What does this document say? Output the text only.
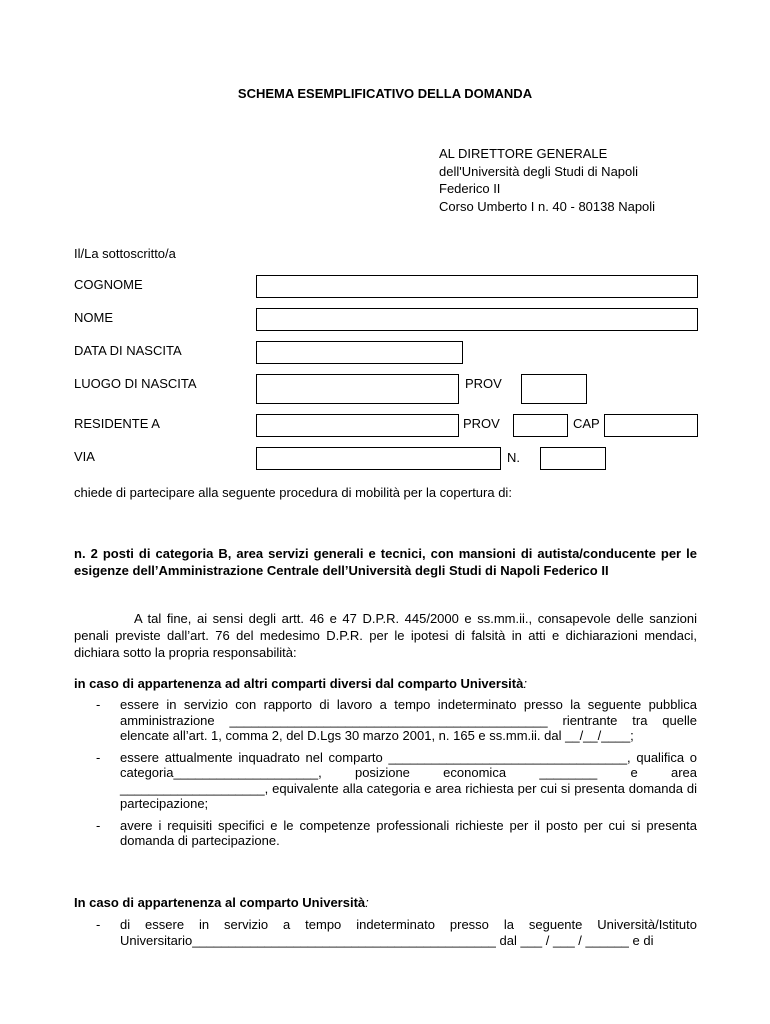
SCHEMA ESEMPLIFICATIVO DELLA DOMANDA
AL DIRETTORE GENERALE
dell'Università degli Studi di Napoli
Federico II
Corso Umberto I n. 40 - 80138 Napoli
Il/La sottoscritto/a
COGNOME
NOME
DATA DI NASCITA
LUOGO DI NASCITA	PROV
RESIDENTE A	PROV	CAP
VIA	N.
chiede di partecipare alla seguente procedura di mobilità per la copertura di:
n. 2 posti di categoria B, area servizi generali e tecnici, con mansioni di autista/conducente per le esigenze dell’Amministrazione Centrale dell’Università degli Studi di Napoli Federico II
A tal fine, ai sensi degli artt. 46 e 47 D.P.R. 445/2000 e ss.mm.ii., consapevole delle sanzioni penali previste dall’art. 76 del medesimo D.P.R. per le ipotesi di falsità in atti e dichiarazioni mendaci, dichiara sotto la propria responsabilità:
in caso di appartenenza ad altri comparti diversi dal comparto Università:
- essere in servizio con rapporto di lavoro a tempo indeterminato presso la seguente pubblica amministrazione ____________________________________________ rientrante tra quelle elencate all’art. 1, comma 2, del D.Lgs 30 marzo 2001, n. 165 e ss.mm.ii. dal __/__/____;
- essere attualmente inquadrato nel comparto _________________________________, qualifica o categoria____________________, posizione economica ________ e area ____________________, equivalente alla categoria e area richiesta per cui si presenta domanda di partecipazione;
- avere i requisiti specifici e le competenze professionali richieste per il posto per cui si presenta domanda di partecipazione.
In caso di appartenenza al comparto Università:
- di essere in servizio a tempo indeterminato presso la seguente Università/Istituto Universitario__________________________________________ dal ___ / ___ / ______ e di
